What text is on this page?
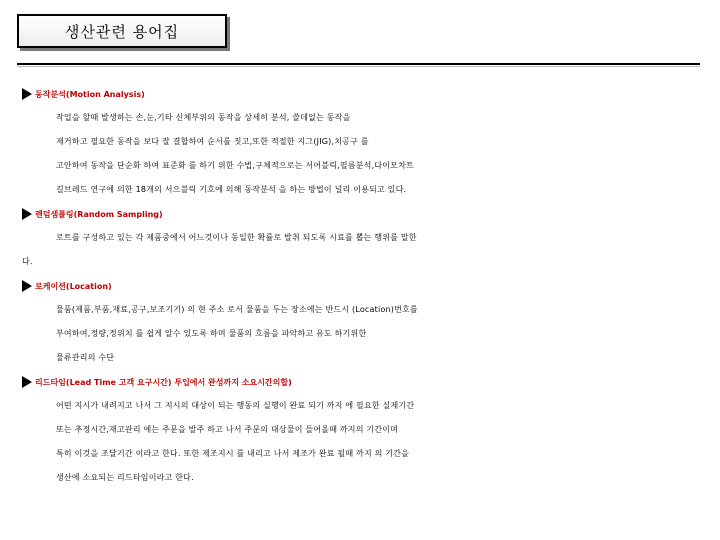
생산관련 용어집
동작분석(Motion Analysis)
작업을 할때 발생하는 손,눈,기타 신체부위의 동작을 상세히 분석, 쓸데없는 동작을
제거하고 필요한 동작을 보다 잘 결합하여 순서를 짓고,또한 적절한 지그(JIG),치공구 를
고안하여 동작을 단순화 하여 표준화 를 하기 위한 수법,구체적으로는 서어블릭,필름분석,다이모차트
길브레드 연구에 의한 18개의 서으블릭 기호에 의해 동작분석 을 하는 방법이 널리 이용되고 있다.
렌덤샘플링(Random Sampling)
로트를 구성하고 있는 각 제품중에서 어느것이나 동일한 확률로 발취 되도록 시료를 뽑는 행위를 말한
다.
로케이션(Location)
물품(제품,부품,재료,공구,보조기기) 의 현 주소 로서 물품을 두는 장소에는 반드시 (Location)번호를
부여하여,정량,정위치 를 쉽게 알수 있도록 하며 물품의 흐름을 파악하고 유도 하기위한
물류관리의 수단
리드타임(Lead Time 고객 요구시간) 투입에서 완성까지 소요시간의합)
어떤 지시가 내려지고 나서 그 지시의 대상이 되는 행동의 실행이 완료 되기 까지 에 필요한 실제기간
또는 추정시간,재고관리 에는 주문을 발주 하고 나서 주문의 대상물이 들어올때 까지의 기간이며
특히 이것을 조달기간 이라고 한다. 또한 제조지시 를 내리고 나서 제조가 완료 될때 까지 의 기간을
생산에 소요되는 리드타임이라고 한다.
